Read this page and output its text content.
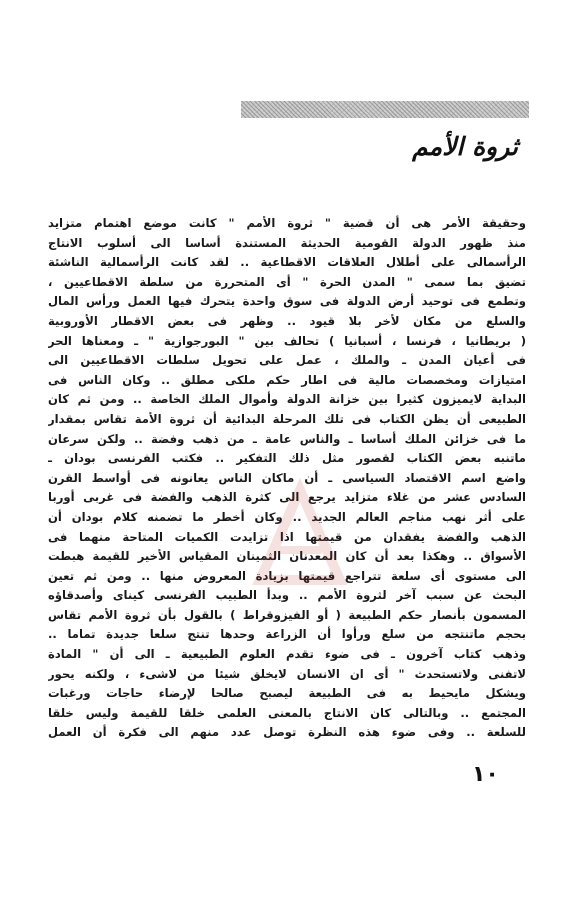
ثروة الأمم
وحقيقة الأمر هى أن قضية " ثروة الأمم " كانت موضع اهتمام متزايد
منذ ظهور الدولة القومية الحديثة المستندة أساسا الى أسلوب الانتاج
الرأسمالى على أطلال العلاقات الاقطاعية .. لقد كانت الرأسمالية الناشئة
تضيق بما سمى " المدن الحرة " أى المتحررة من سلطة الاقطاعيين ،
وتطمع فى توحيد أرض الدولة فى سوق واحدة يتحرك فيها العمل ورأس المال
والسلع من مكان لأخر بلا قيود .. وظهر فى بعض الاقطار الأوروبية
( بريطانيا ، فرنسا ، أسبانيا ) تحالف بين " البورجوازية " ـ ومعناها الحر
فى أعيان المدن ـ والملك ، عمل على تحويل سلطات الاقطاعيين الى
امتيازات ومخصصات مالية فى اطار حكم ملكى مطلق .. وكان الناس فى
البداية لايميزون كثيرا بين خزانة الدولة وأموال الملك الخاصة .. ومن ثم كان
الطبيعى أن يظن الكتاب فى تلك المرحلة البدائية أن ثروة الأمة تقاس بمقدار
ما فى خزائن الملك أساسا ـ والناس عامة ـ من ذهب وفضة .. ولكن سرعان
ماتنبه بعض الكتاب لقصور مثل ذلك التفكير .. فكتب الفرنسى بودان ـ
واضع اسم الاقتصاد السياسى ـ أن ماكان الناس يعانونه فى أواسط القرن
السادس عشر من غلاء متزايد يرجع الى كثرة الذهب والفضة فى غربى أوربا
على أثر نهب مناجم العالم الجديد .. وكان أخطر ما تضمنه كلام بودان أن
الذهب والفضة يفقدان من قيمتها اذا تزايدت الكميات المتاحة منهما فى
الأسواق .. وهكذا بعد أن كان المعدنان الثمينان المقياس الأخير للقيمة هبطت
الى مستوى أى سلعة تتراجع قيمتها بزيادة المعروض منها .. ومن ثم تعين
البحث عن سبب آخر لثروة الأمم .. وبدأ الطبيب الفرنسى كيناى وأصدقاؤه
المسمون بأنصار حكم الطبيعة ( أو الفيزوقراط ) بالقول بأن ثروة الأمم تقاس
بحجم ماتنتجه من سلع ورأوا أن الزراعة وحدها تنتج سلعا جديدة تماما ..
وذهب كتاب آخرون ـ فى ضوء تقدم العلوم الطبيعية ـ الى أن " المادة
لاتفنى ولاتستحدث " أى ان الانسان لايخلق شيئا من لاشىء ، ولكنه يحور
ويشكل مايحيط به فى الطبيعة ليصبح صالحا لإرضاء حاجات ورغبات
المجتمع .. وبالتالى كان الانتاج بالمعنى العلمى خلقا للقيمة وليس خلقا
للسلعة .. وفى ضوء هذه النظرة توصل عدد منهم الى فكرة أن العمل
١٠
